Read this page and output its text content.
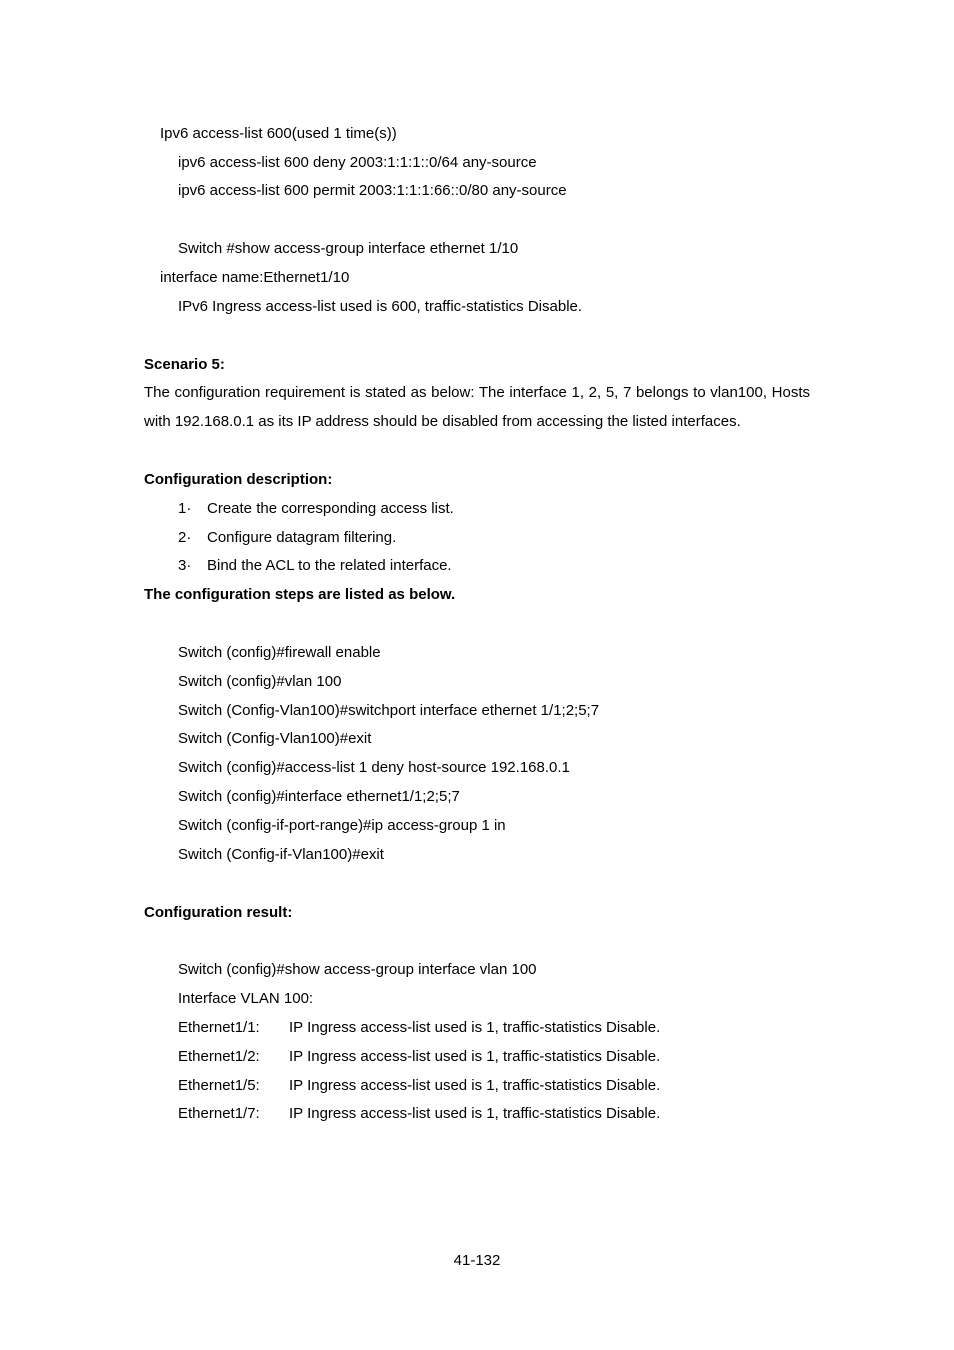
Ipv6 access-list 600(used 1 time(s))
ipv6 access-list 600 deny 2003:1:1:1::0/64 any-source
ipv6 access-list 600 permit 2003:1:1:1:66::0/80 any-source
Switch #show access-group interface ethernet 1/10
interface name:Ethernet1/10
IPv6 Ingress access-list used is 600, traffic-statistics Disable.
Scenario 5:
The configuration requirement is stated as below: The interface 1, 2, 5, 7 belongs to vlan100, Hosts with 192.168.0.1 as its IP address should be disabled from accessing the listed interfaces.
Configuration description:
1· Create the corresponding access list.
2· Configure datagram filtering.
3· Bind the ACL to the related interface.
The configuration steps are listed as below.
Switch (config)#firewall enable
Switch (config)#vlan 100
Switch (Config-Vlan100)#switchport interface ethernet 1/1;2;5;7
Switch (Config-Vlan100)#exit
Switch (config)#access-list 1 deny host-source 192.168.0.1
Switch (config)#interface ethernet1/1;2;5;7
Switch (config-if-port-range)#ip access-group 1 in
Switch (Config-if-Vlan100)#exit
Configuration result:
Switch (config)#show access-group interface vlan 100
Interface VLAN 100:
Ethernet1/1: IP Ingress access-list used is 1, traffic-statistics Disable.
Ethernet1/2: IP Ingress access-list used is 1, traffic-statistics Disable.
Ethernet1/5: IP Ingress access-list used is 1, traffic-statistics Disable.
Ethernet1/7: IP Ingress access-list used is 1, traffic-statistics Disable.
41-132
